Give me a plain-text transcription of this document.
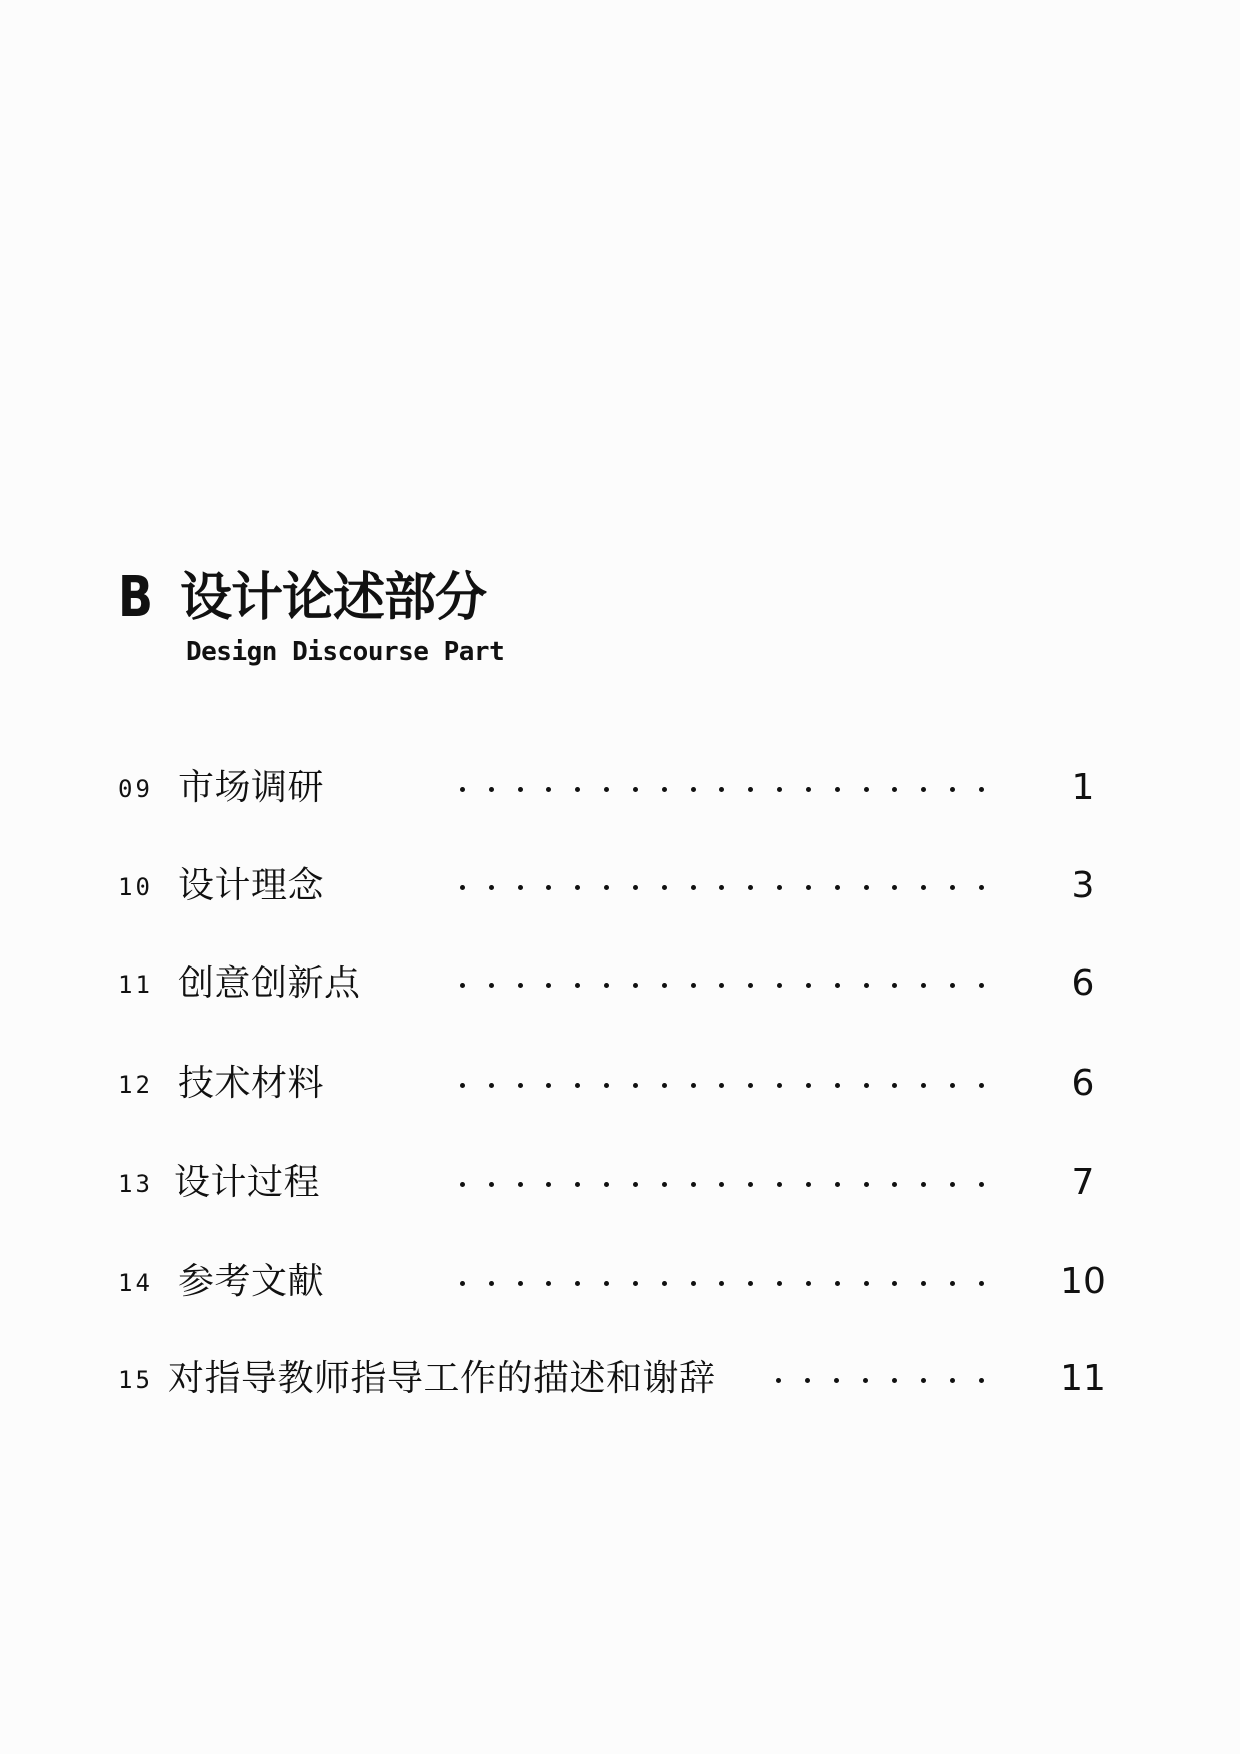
B 设计论述部分
Design Discourse Part
09 市场调研	1
10 设计理念	3
11 创意创新点	6
12 技术材料	6
13 设计过程	7
14 参考文献	10
15 对指导教师指导工作的描述和谢辞	11
